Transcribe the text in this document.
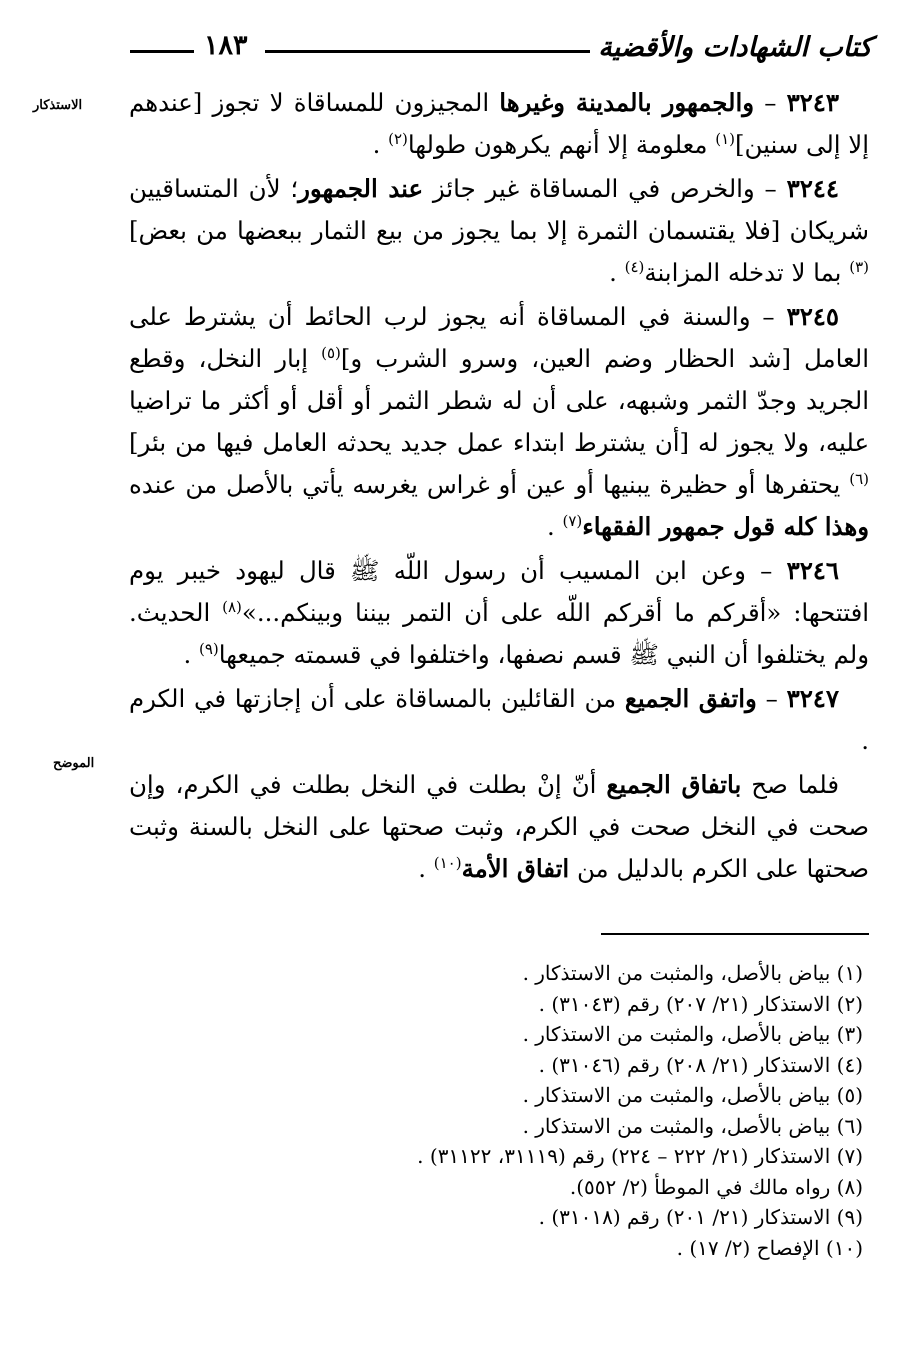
كتاب الشهادات والأقضية
١٨٣
الاستذكار
الموضح

٣٢٤٣ – والجمهور بالمدينة وغيرها المجيزون للمساقاة لا تجوز [عندهم إلا إلى سنين]$^{(١)}$ معلومة إلا أنهم يكرهون طولها$^{(٢)}$ .

٣٢٤٤ – والخرص في المساقاة غير جائز عند الجمهور؛ لأن المتساقيين شريكان [فلا يقتسمان الثمرة إلا بما يجوز من بيع الثمار ببعضها من بعض]$^{(٣)}$ بما لا تدخله المزابنة$^{(٤)}$ .

٣٢٤٥ – والسنة في المساقاة أنه يجوز لرب الحائط أن يشترط على العامل [شد الحظار وضم العين، وسرو الشرب و]$^{(٥)}$ إبار النخل، وقطع الجريد وجدّ الثمر وشبهه، على أن له شطر الثمر أو أقل أو أكثر ما تراضيا عليه، ولا يجوز له [أن يشترط ابتداء عمل جديد يحدثه العامل فيها من بئر]$^{(٦)}$ يحتفرها أو حظيرة يبنيها أو عين أو غراس يغرسه يأتي بالأصل من عنده وهذا كله قول جمهور الفقهاء$^{(٧)}$ .

٣٢٤٦ – وعن ابن المسيب أن رسول اللّه ﷺ قال ليهود خيبر يوم افتتحها: «أقركم ما أقركم اللّه على أن التمر بيننا وبينكم...»$^{(٨)}$ الحديث. ولم يختلفوا أن النبي ﷺ قسم نصفها، واختلفوا في قسمته جميعها$^{(٩)}$ .

٣٢٤٧ – واتفق الجميع من القائلين بالمساقاة على أن إجازتها في الكرم .

فلما صح باتفاق الجميع أنّ إنْ بطلت في النخل بطلت في الكرم، وإن صحت في النخل صحت في الكرم، وثبت صحتها على النخل بالسنة وثبت صحتها على الكرم بالدليل من اتفاق الأمة$^{(١٠)}$ .

(١) بياض بالأصل، والمثبت من الاستذكار .
(٢) الاستذكار (٢١/ ٢٠٧) رقم (٣١٠٤٣) .
(٣) بياض بالأصل، والمثبت من الاستذكار .
(٤) الاستذكار (٢١/ ٢٠٨) رقم (٣١٠٤٦) .
(٥) بياض بالأصل، والمثبت من الاستذكار .
(٦) بياض بالأصل، والمثبت من الاستذكار .
(٧) الاستذكار (٢١/ ٢٢٢ – ٢٢٤) رقم (٣١١١٩، ٣١١٢٢) .
(٨) رواه مالك في الموطأ (٢/ ٥٥٢).
(٩) الاستذكار (٢١/ ٢٠١) رقم (٣١٠١٨) .
(١٠) الإفصاح (٢/ ١٧) .
